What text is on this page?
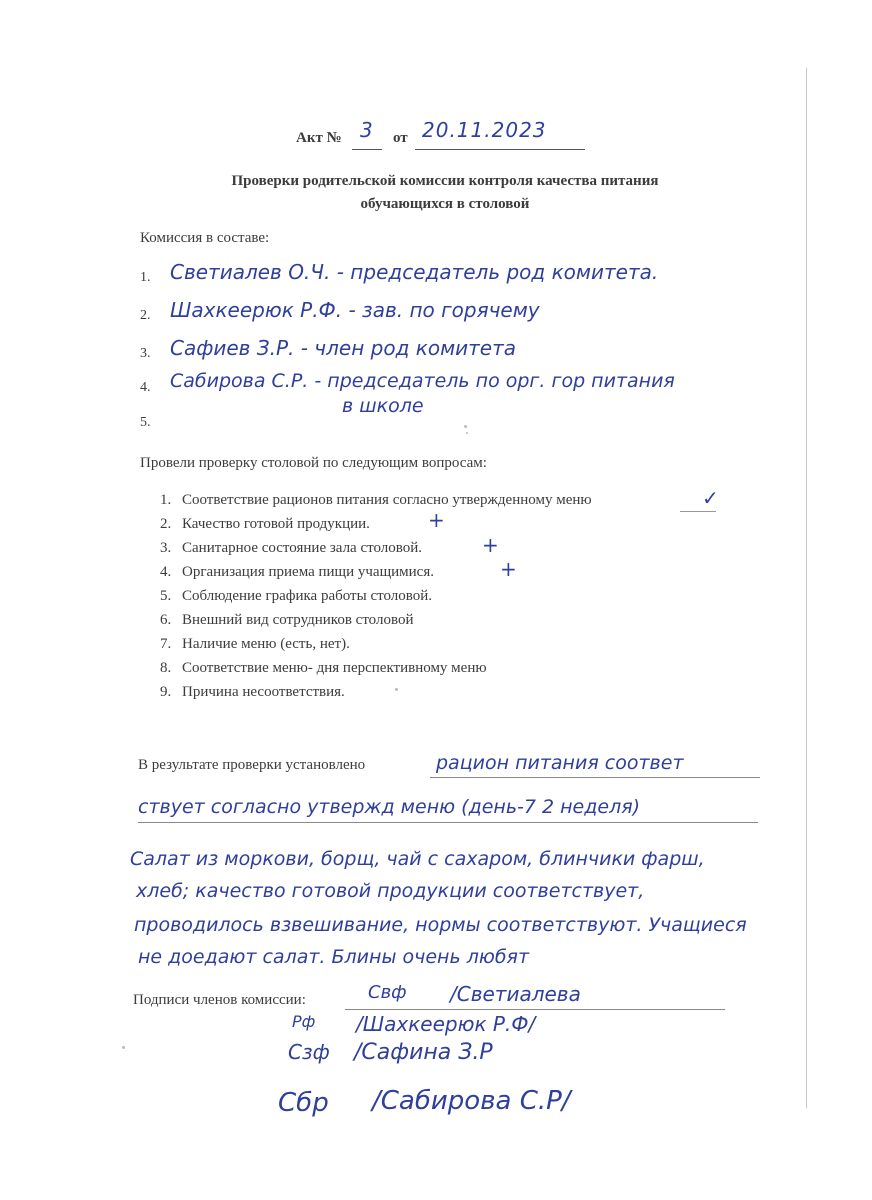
Акт № 3 от 20.11.2023
Проверки родительской комиссии контроля качества питания
обучающихся в столовой
Комиссия в составе:
1. Светиалев О.Ч. - председатель род комитета.
2. Шахкеерюк Р.Ф. - зав. по горячему
3. Сафиев З.Р. - член род комитета
4. Сабирова С.Р. - председатель по орг. гор питания
в школе
5.
Провели проверку столовой по следующим вопросам:
1. Соответствие рационов питания согласно утвержденному меню	✓
2. Качество готовой продукции.	+
3. Санитарное состояние зала столовой.	+
4. Организация приема пищи учащимися.	+
5. Соблюдение графика работы столовой.
6. Внешний вид сотрудников столовой
7. Наличие меню (есть, нет).
8. Соответствие меню- дня перспективному меню
9. Причина несоответствия.
В результате проверки установлено	рацион питания соответ
ствует согласно утвержд меню (день-7 2 неделя)
Салат из моркови, борщ, чай с сахаром, блинчики фарш,
хлеб; качество готовой продукции соответствует,
проводилось взвешивание, нормы соответствуют. Учащиеся
не доедают салат. Блины очень любят
Подписи членов комиссии:	Свф /Светиалева
Рф /Шахкеерюк Р.Ф/
Сзф /Сафина З.Р
Сбр /Сабирова С.Р/
